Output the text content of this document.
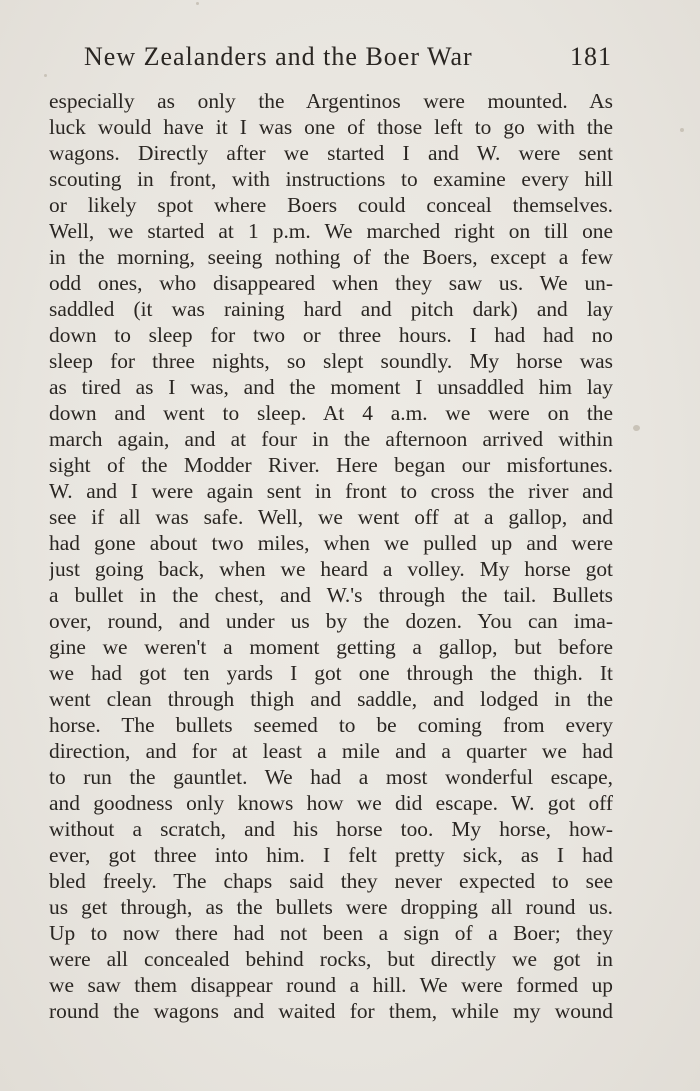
New Zealanders and the Boer War	181
especially as only the Argentinos were mounted. As
luck would have it I was one of those left to go with the
wagons. Directly after we started I and W. were sent
scouting in front, with instructions to examine every hill
or likely spot where Boers could conceal themselves.
Well, we started at 1 p.m. We marched right on till one
in the morning, seeing nothing of the Boers, except a few
odd ones, who disappeared when they saw us. We un-
saddled (it was raining hard and pitch dark) and lay
down to sleep for two or three hours. I had had no
sleep for three nights, so slept soundly. My horse was
as tired as I was, and the moment I unsaddled him lay
down and went to sleep. At 4 a.m. we were on the
march again, and at four in the afternoon arrived within
sight of the Modder River. Here began our misfortunes.
W. and I were again sent in front to cross the river and
see if all was safe. Well, we went off at a gallop, and
had gone about two miles, when we pulled up and were
just going back, when we heard a volley. My horse got
a bullet in the chest, and W.'s through the tail. Bullets
over, round, and under us by the dozen. You can ima-
gine we weren't a moment getting a gallop, but before
we had got ten yards I got one through the thigh. It
went clean through thigh and saddle, and lodged in the
horse. The bullets seemed to be coming from every
direction, and for at least a mile and a quarter we had
to run the gauntlet. We had a most wonderful escape,
and goodness only knows how we did escape. W. got off
without a scratch, and his horse too. My horse, how-
ever, got three into him. I felt pretty sick, as I had
bled freely. The chaps said they never expected to see
us get through, as the bullets were dropping all round us.
Up to now there had not been a sign of a Boer; they
were all concealed behind rocks, but directly we got in
we saw them disappear round a hill. We were formed up
round the wagons and waited for them, while my wound
